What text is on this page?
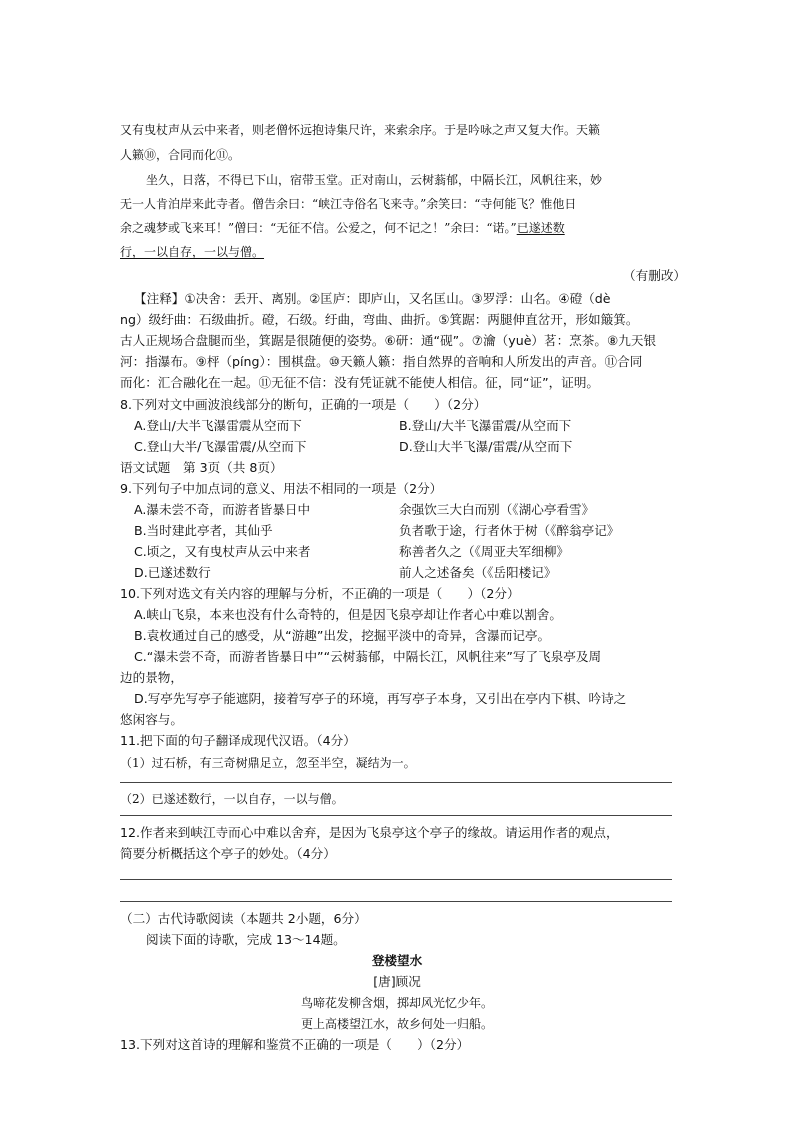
又有曳杖声从云中来者，则老僧怀远抱诗集尺许，来索余序。于是吟咏之声又复大作。天籁
人籁⑩，合同而化⑪。
坐久，日落，不得已下山，宿带玉堂。正对南山，云树蓊郁，中隔长江，风帆往来，妙
无一人肯泊岸来此寺者。僧告余曰：“峡江寺俗名飞来寺。”余笑曰：“寺何能飞？惟他日
余之魂梦或飞来耳！”僧曰：“无征不信。公爱之，何不记之！”余曰：“诺。”已遂述数
行，一以自存，一以与僧。
（有删改）
【注释】①决舍：丢开、离别。②匡庐：即庐山，又名匡山。③罗浮：山名。④磴（dè
ng）级纡曲：石级曲折。磴，石级。纡曲，弯曲、曲折。⑤箕踞：两腿伸直岔开，形如簸箕。
古人正规场合盘腿而坐，箕踞是很随便的姿势。⑥研：通“砚”。⑦瀹（yuè）茗：烹茶。⑧九天银
河：指瀑布。⑨枰（píng）：围棋盘。⑩天籁人籁：指自然界的音响和人所发出的声音。⑪合同
而化：汇合融化在一起。⑪无征不信：没有凭证就不能使人相信。征，同“证”，证明。
8.下列对文中画波浪线部分的断句，正确的一项是（　　）（2分）
A.登山/大半飞瀑雷震从空而下	B.登山/大半飞瀑雷震/从空而下
C.登山大半/飞瀑雷震/从空而下	D.登山大半飞瀑/雷震/从空而下
语文试题　第 3页（共 8页）
9.下列句子中加点词的意义、用法不相同的一项是（2分）
A.瀑未尝不奇，而游者皆暴日中	余强饮三大白而别（《湖心亭看雪》
B.当时建此亭者，其仙乎	负者歌于途，行者休于树（《醉翁亭记》
C.顷之，又有曳杖声从云中来者	称善者久之（《周亚夫军细柳》
D.已遂述数行	前人之述备矣（《岳阳楼记》
10.下列对选文有关内容的理解与分析，不正确的一项是（　　）（2分）
A.峡山飞泉，本来也没有什么奇特的，但是因飞泉亭却让作者心中难以割舍。
B.袁枚通过自己的感受，从“游趣”出发，挖掘平淡中的奇异，含瀑而记亭。
C.“瀑未尝不奇，而游者皆暴日中”“云树蓊郁，中隔长江，风帆往来”写了飞泉亭及周
边的景物，
D.写亭先写亭子能遮阴，接着写亭子的环境，再写亭子本身，又引出在亭内下棋、吟诗之
悠闲容与。
11.把下面的句子翻译成现代汉语。（4分）
（1）过石桥，有三奇树鼎足立，忽至半空，凝结为一。
（2）已遂述数行，一以自存，一以与僧。
12.作者来到峡江寺而心中难以舍弃，是因为飞泉亭这个亭子的缘故。请运用作者的观点，
简要分析概括这个亭子的妙处。（4分）
（二）古代诗歌阅读（本题共 2小题，6分）
阅读下面的诗歌，完成 13～14题。
登楼望水
[唐]顾况
鸟啼花发柳含烟，掷却风光忆少年。
更上高楼望江水，故乡何处一归船。
13.下列对这首诗的理解和鉴赏不正确的一项是（　　）（2分）
